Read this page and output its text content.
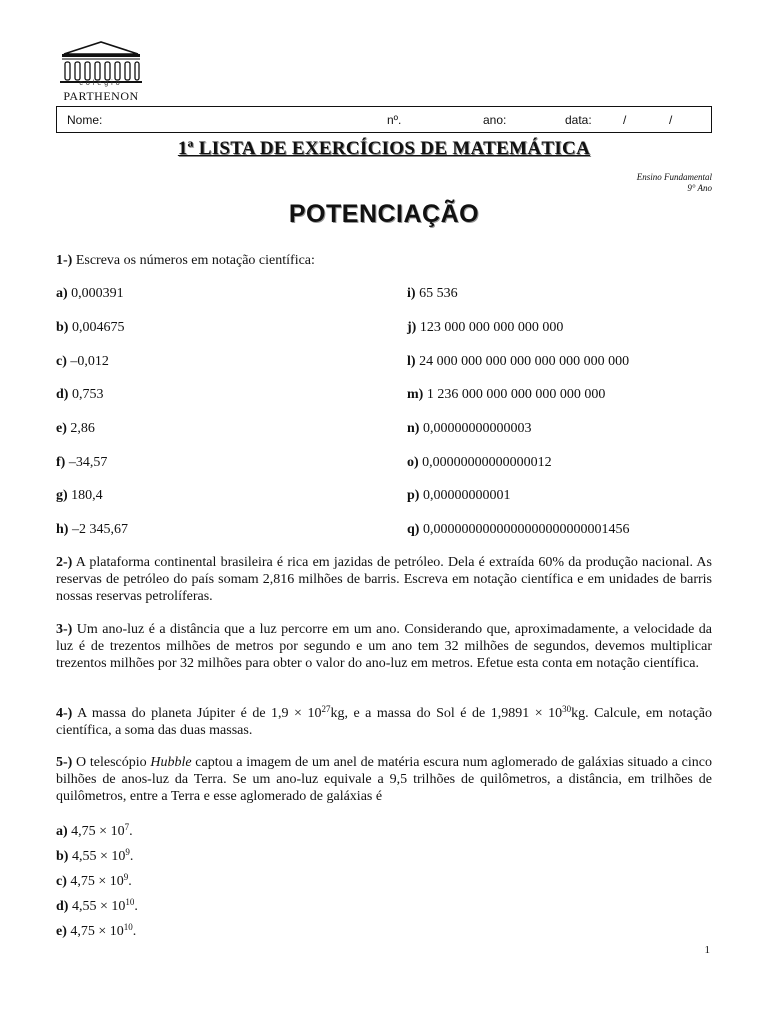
colégio
PARTHENON
Nome:	nº.	ano:	data:	/	/
1ª LISTA DE EXERCÍCIOS DE MATEMÁTICA
Ensino Fundamental
9° Ano
POTENCIAÇÃO
1-) Escreva os números em notação científica:
a) 0,000391
b) 0,004675
c) –0,012
d) 0,753
e) 2,86
f) –34,57
g) 180,4
h) –2 345,67
i) 65 536
j) 123 000 000 000 000 000
l) 24 000 000 000 000 000 000 000 000
m) 1 236 000 000 000 000 000 000
n) 0,00000000000003
o) 0,00000000000000012
p) 0,00000000001
q) 0,0000000000000000000000001456
2-) A plataforma continental brasileira é rica em jazidas de petróleo. Dela é extraída 60% da produção nacional. As reservas de petróleo do país somam 2,816 milhões de barris. Escreva em notação científica e em unidades de barris nossas reservas petrolíferas.
3-) Um ano-luz é a distância que a luz percorre em um ano. Considerando que, aproximadamente, a velocidade da luz é de trezentos milhões de metros por segundo e um ano tem 32 milhões de segundos, devemos multiplicar trezentos milhões por 32 milhões para obter o valor do ano-luz em metros. Efetue esta conta em notação científica.
4-) A massa do planeta Júpiter é de $1,9 \times 10^{27}kg$, e a massa do Sol é de $1,9891 \times 10^{30}kg$. Calcule, em notação científica, a soma das duas massas.
5-) O telescópio Hubble captou a imagem de um anel de matéria escura num aglomerado de galáxias situado a cinco bilhões de anos-luz da Terra. Se um ano-luz equivale a 9,5 trilhões de quilômetros, a distância, em trilhões de quilômetros, entre a Terra e esse aglomerado de galáxias é
a) $4,75 \times 10^7$.
b) $4,55 \times 10^9$.
c) $4,75 \times 10^9$.
d) $4,55 \times 10^{10}$.
e) $4,75 \times 10^{10}$.
1
